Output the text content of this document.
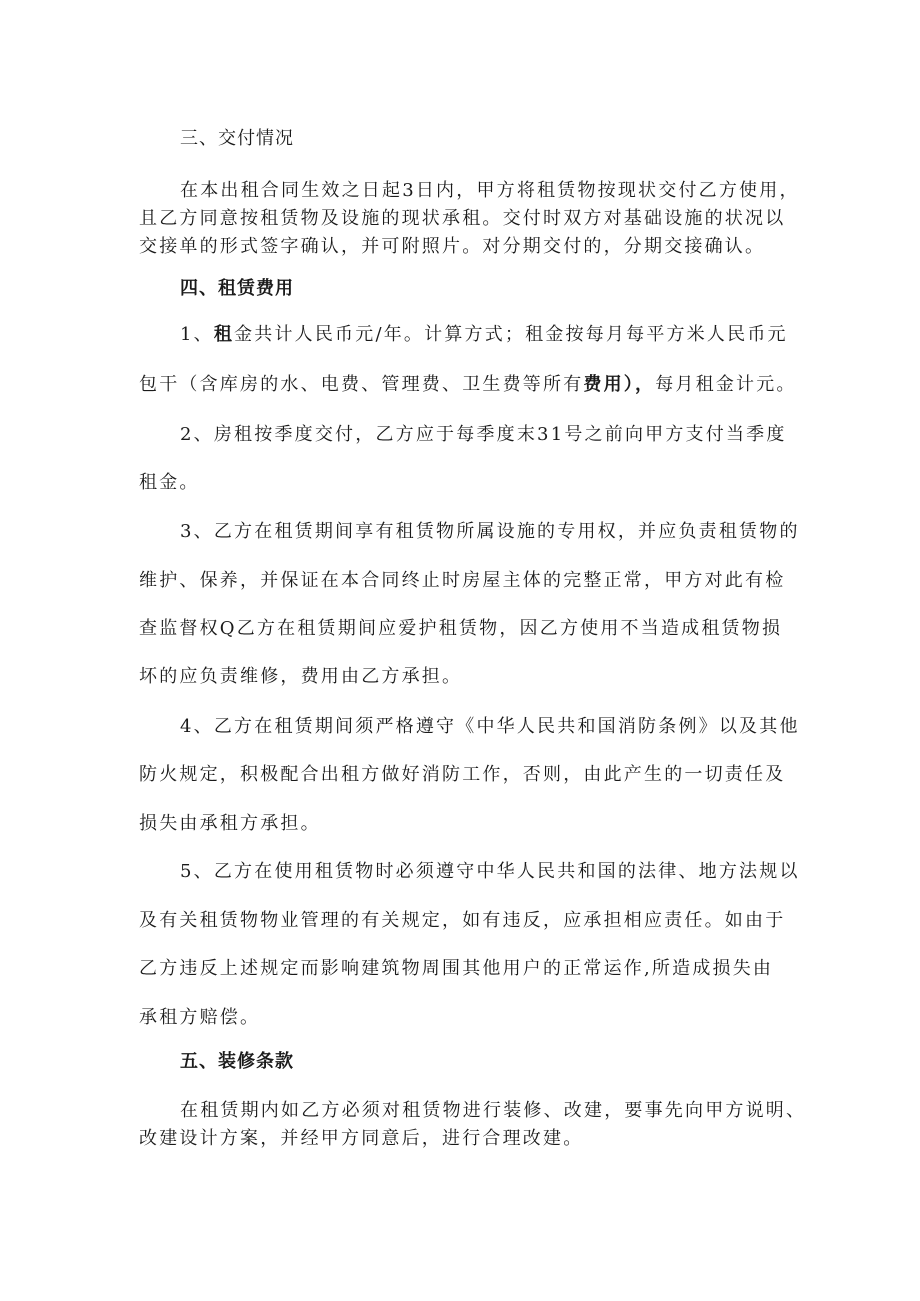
三、交付情况
在本出租合同生效之日起3日内，甲方将租赁物按现状交付乙方使用，
且乙方同意按租赁物及设施的现状承租。交付时双方对基础设施的状况以
交接单的形式签字确认，并可附照片。对分期交付的，分期交接确认。
四、租赁费用
1、租金共计人民币元/年。计算方式；租金按每月每平方米人民币元
包干（含库房的水、电费、管理费、卫生费等所有费用），每月租金计元。
2、房租按季度交付，乙方应于每季度末31号之前向甲方支付当季度
租金。
3、乙方在租赁期间享有租赁物所属设施的专用权，并应负责租赁物的
维护、保养，并保证在本合同终止时房屋主体的完整正常，甲方对此有检
查监督权Q乙方在租赁期间应爱护租赁物，因乙方使用不当造成租赁物损
坏的应负责维修，费用由乙方承担。
4、乙方在租赁期间须严格遵守《中华人民共和国消防条例》以及其他
防火规定，积极配合出租方做好消防工作，否则，由此产生的一切责任及
损失由承租方承担。
5、乙方在使用租赁物时必须遵守中华人民共和国的法律、地方法规以
及有关租赁物物业管理的有关规定，如有违反，应承担相应责任。如由于
乙方违反上述规定而影响建筑物周围其他用户的正常运作,所造成损失由
承租方赔偿。
五、装修条款
在租赁期内如乙方必须对租赁物进行装修、改建，要事先向甲方说明、
改建设计方案，并经甲方同意后，进行合理改建。
